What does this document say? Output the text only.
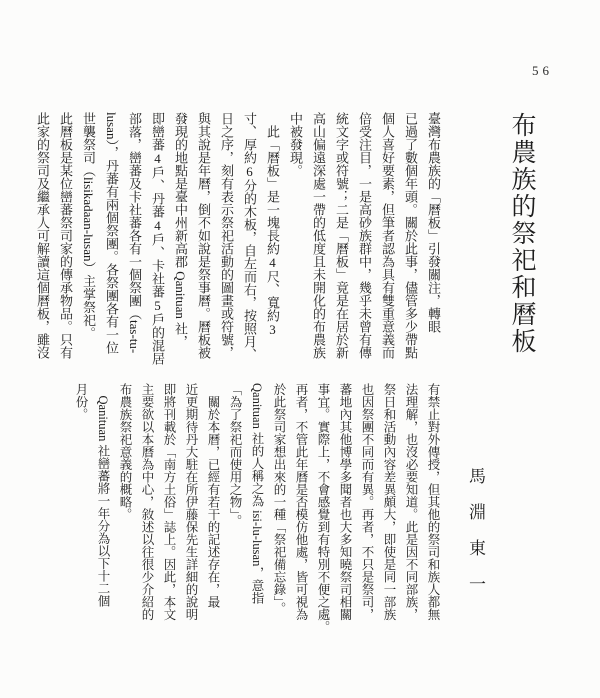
56
布農族的祭祀和曆板
臺灣布農族的「曆板」引發關注，轉眼
已過了數個年頭。關於此事，儘管多少帶點
個人喜好要素，但筆者認為具有雙重意義而
倍受注目，一是高砂族群中，幾乎未曾有傳
統文字或符號；二是「曆板」竟是在居於新
高山偏遠深處一帶的低度且未開化的布農族
中被發現。
　此「曆板」是一塊長約4尺、寬約3
寸、厚約6分的木板，自左而右，按照月、
日之序，刻有表示祭祀活動的圖畫或符號，
與其說是年曆，倒不如說是祭事曆。曆板被
發現的地點是臺中州新高郡 Qanituan 社，
即巒蕃4戶、丹蕃4戶、卡社蕃5戶的混居
部落，巒蕃及卡社蕃各有一個祭團（tas-tu-
lusan），丹蕃有兩個祭團。各祭團各有一位
世襲祭司（lisikadaan-lusan）主掌祭祀。
此曆板是某位巒蕃祭司家的傳承物品。只有
此家的祭司及繼承人可解讀這個曆板，雖沒
馬淵東一
有禁止對外傳授，但其他的祭司和族人都無
法理解，也沒必要知道。此是因不同部族，
祭日和活動內容差異頗大，即使是同一部族
也因祭團不同而有異。再者，不只是祭司，
蕃地內其他博學多聞者也大多知曉祭司相關
事宜。實際上，不會感覺到有特別不便之處。
再者，不管此年曆是否模仿他處，皆可視為
於此祭司家想出來的一種「祭祀備忘錄」。
Qanituan 社的人稱之為 isi-lu-lusan，意指
「為了祭祀而使用之物」。
　關於本曆，已經有若干的記述存在，最
近更期待丹大駐在所伊藤保先生詳細的說明
即將刊載於「南方土俗」誌上。因此，本文
主要欲以本曆為中心，敘述以往很少介紹的
布農族祭祀意義的概略。
　Qanituan 社巒蕃將一年分為以下十二個
月份。
